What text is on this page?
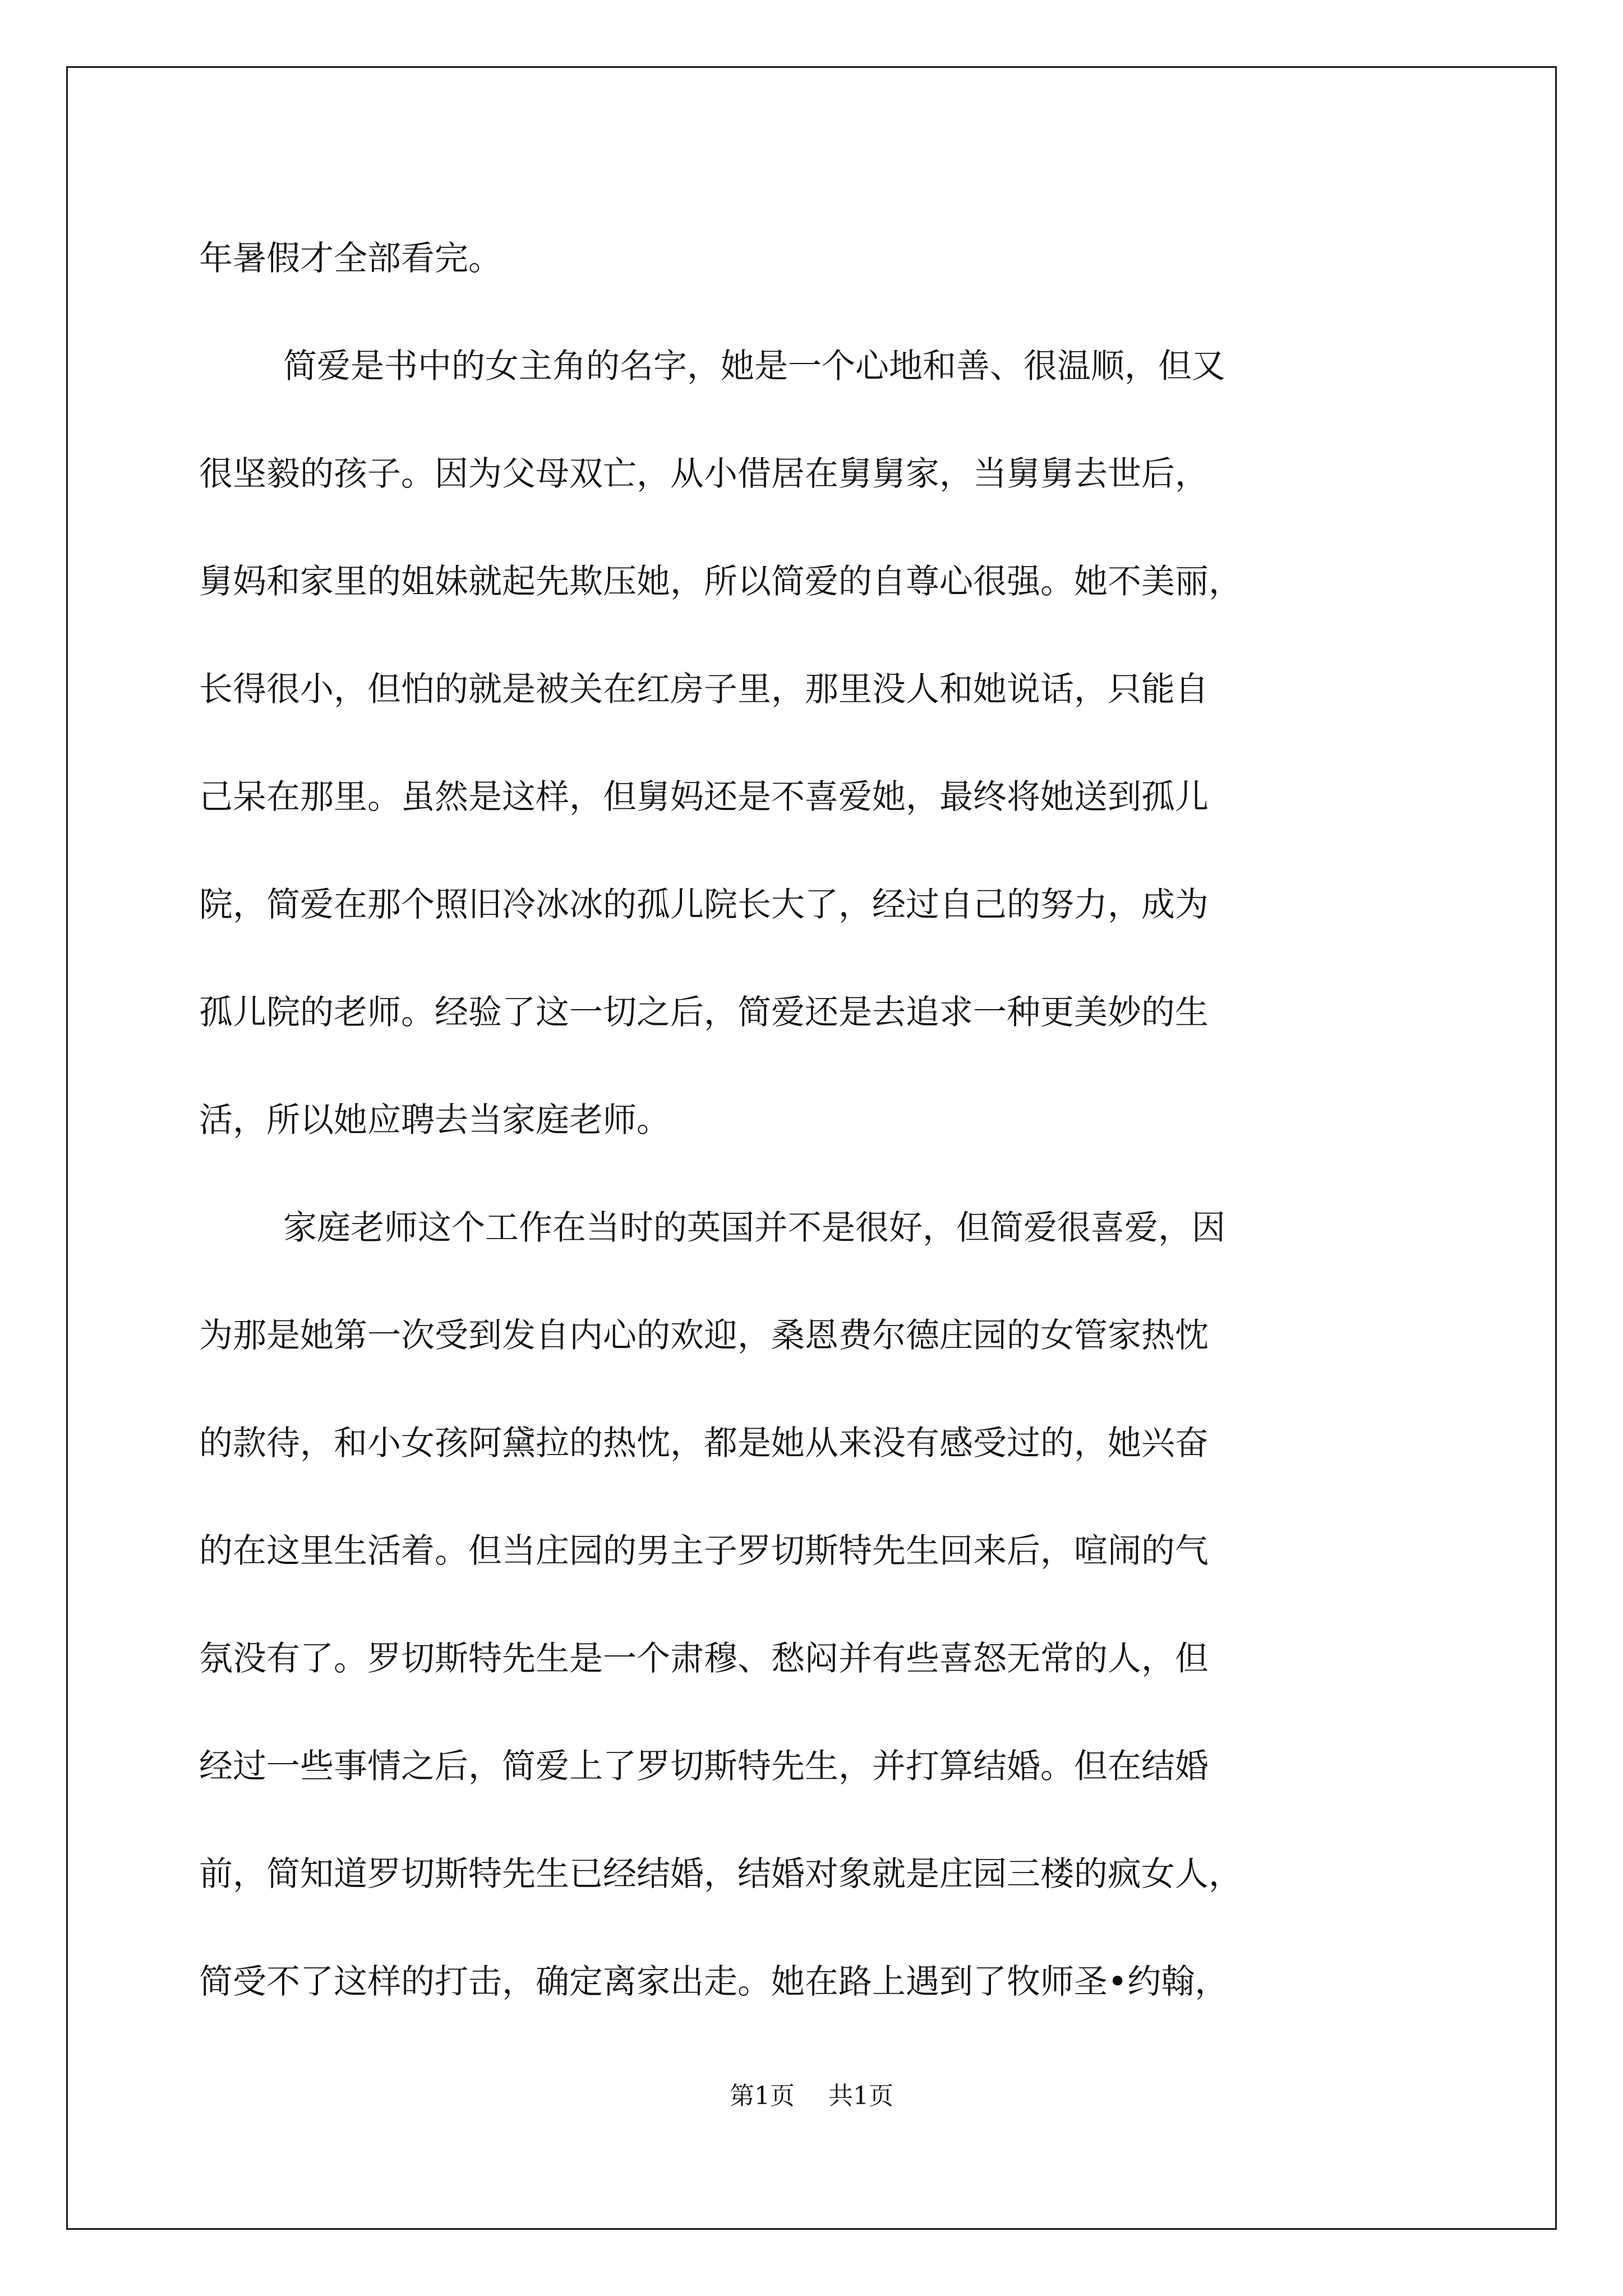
年暑假才全部看完。

简爱是书中的女主角的名字，她是一个心地和善、很温顺，但又

很坚毅的孩子。因为父母双亡，从小借居在舅舅家，当舅舅去世后，

舅妈和家里的姐妹就起先欺压她，所以简爱的自尊心很强。她不美丽，

长得很小，但怕的就是被关在红房子里，那里没人和她说话，只能自

己呆在那里。虽然是这样，但舅妈还是不喜爱她，最终将她送到孤儿

院，简爱在那个照旧冷冰冰的孤儿院长大了，经过自己的努力，成为

孤儿院的老师。经验了这一切之后，简爱还是去追求一种更美妙的生

活，所以她应聘去当家庭老师。

家庭老师这个工作在当时的英国并不是很好，但简爱很喜爱，因

为那是她第一次受到发自内心的欢迎，桑恩费尔德庄园的女管家热忱

的款待，和小女孩阿黛拉的热忱，都是她从来没有感受过的，她兴奋

的在这里生活着。但当庄园的男主子罗切斯特先生回来后，喧闹的气

氛没有了。罗切斯特先生是一个肃穆、愁闷并有些喜怒无常的人，但

经过一些事情之后，简爱上了罗切斯特先生，并打算结婚。但在结婚

前，简知道罗切斯特先生已经结婚，结婚对象就是庄园三楼的疯女人，

简受不了这样的打击，确定离家出走。她在路上遇到了牧师圣•约翰，

第1页 共1页
